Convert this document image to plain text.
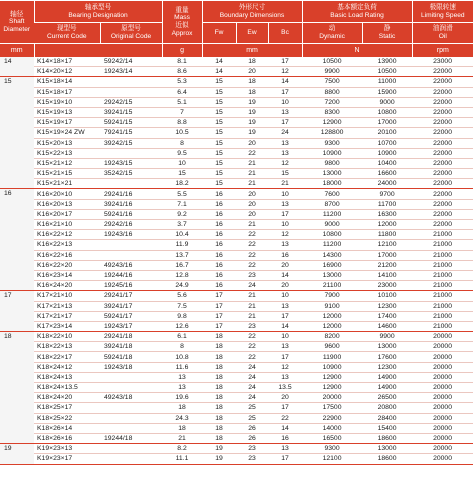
轴径
Shaft
Diameter	轴承型号
Bearing Designation		重量
Mass
近似
Approx	外形尺寸
Boundary Dimensions			基本额定负荷
Basic Load Rating		极限转速
Limiting Speed

	现型号
Current Code	原型号
Original Code		Fw	Ew	Bc	动
Dynamic	静
Static	油润滑
Oil

mm			g	mm			N		rpm
14	K14×18×17	59242/14	8.1	14	18	17	10500	13900	23000
	K14×20×12	19243/14	8.6	14	20	12	9900	10500	22000
15	K15×18×14		5.3	15	18	14	7500	11000	22000
	K15×18×17		6.4	15	18	17	8800	15900	22000
	K15×19×10	29242/15	5.1	15	19	10	7200	9000	22000
	K15×19×13	39241/15	7	15	19	13	8300	10800	22000
	K15×19×17	59241/15	8.8	15	19	17	12900	17000	22000
	K15×19×24 ZW	79241/15	10.5	15	19	24	128800	20100	22000
	K15×20×13	39242/15	8	15	20	13	9300	10700	22000
	K15×22×13		9.5	15	22	13	10900	10900	22000
	K15×21×12	19243/15	10	15	21	12	9800	10400	22000
	K15×21×15	35242/15	15	15	21	15	13000	16600	22000
	K15×21×21		18.2	15	21	21	18000	24000	22000
16	K16×20×10	29241/16	5.5	16	20	10	7600	9700	22000
	K16×20×13	39241/16	7.1	16	20	13	8700	11700	22000
	K16×20×17	59241/16	9.2	16	20	17	11200	16300	22000
	K16×21×10	29242/16	3.7	16	21	10	9000	12000	22000
	K16×22×12	19243/16	10.4	16	22	12	10800	11800	21000
	K16×22×13		11.9	16	22	13	11200	12100	21000
	K16×22×16		13.7	16	22	16	14300	17000	21000
	K16×22×20	49243/16	16.7	16	22	20	16900	21200	21000
	K16×23×14	19244/16	12.8	16	23	14	13000	14100	21000
	K16×24×20	19245/16	24.9	16	24	20	21100	23000	21000
17	K17×21×10	29241/17	5.6	17	21	10	7900	10100	21000
	K17×21×13	39241/17	7.5	17	21	13	9100	12300	21000
	K17×21×17	59241/17	9.8	17	21	17	12000	17400	21000
	K17×23×14	19243/17	12.6	17	23	14	12000	14600	21000
18	K18×22×10	29241/18	6.1	18	22	10	8200	9900	20000
	K18×22×13	39241/18	8	18	22	13	9600	13000	20000
	K18×22×17	59241/18	10.8	18	22	17	11900	17600	20000
	K18×24×12	19243/18	11.6	18	24	12	10900	12300	20000
	K18×24×13		13	18	24	13	12900	14900	20000
	K18×24×13.5		13	18	24	13.5	12900	14900	20000
	K18×24×20	49243/18	19.6	18	24	20	20000	26500	20000
	K18×25×17		18	18	25	17	17500	20800	20000
	K18×25×22		24.3	18	25	22	22900	28400	20000
	K18×26×14		18	18	26	14	14000	15400	20000
	K18×26×16	19244/18	21	18	26	16	16500	18600	20000
19	K19×23×13		8.2	19	23	13	9300	13000	20000
	K19×23×17		11.1	19	23	17	12100	18600	20000
